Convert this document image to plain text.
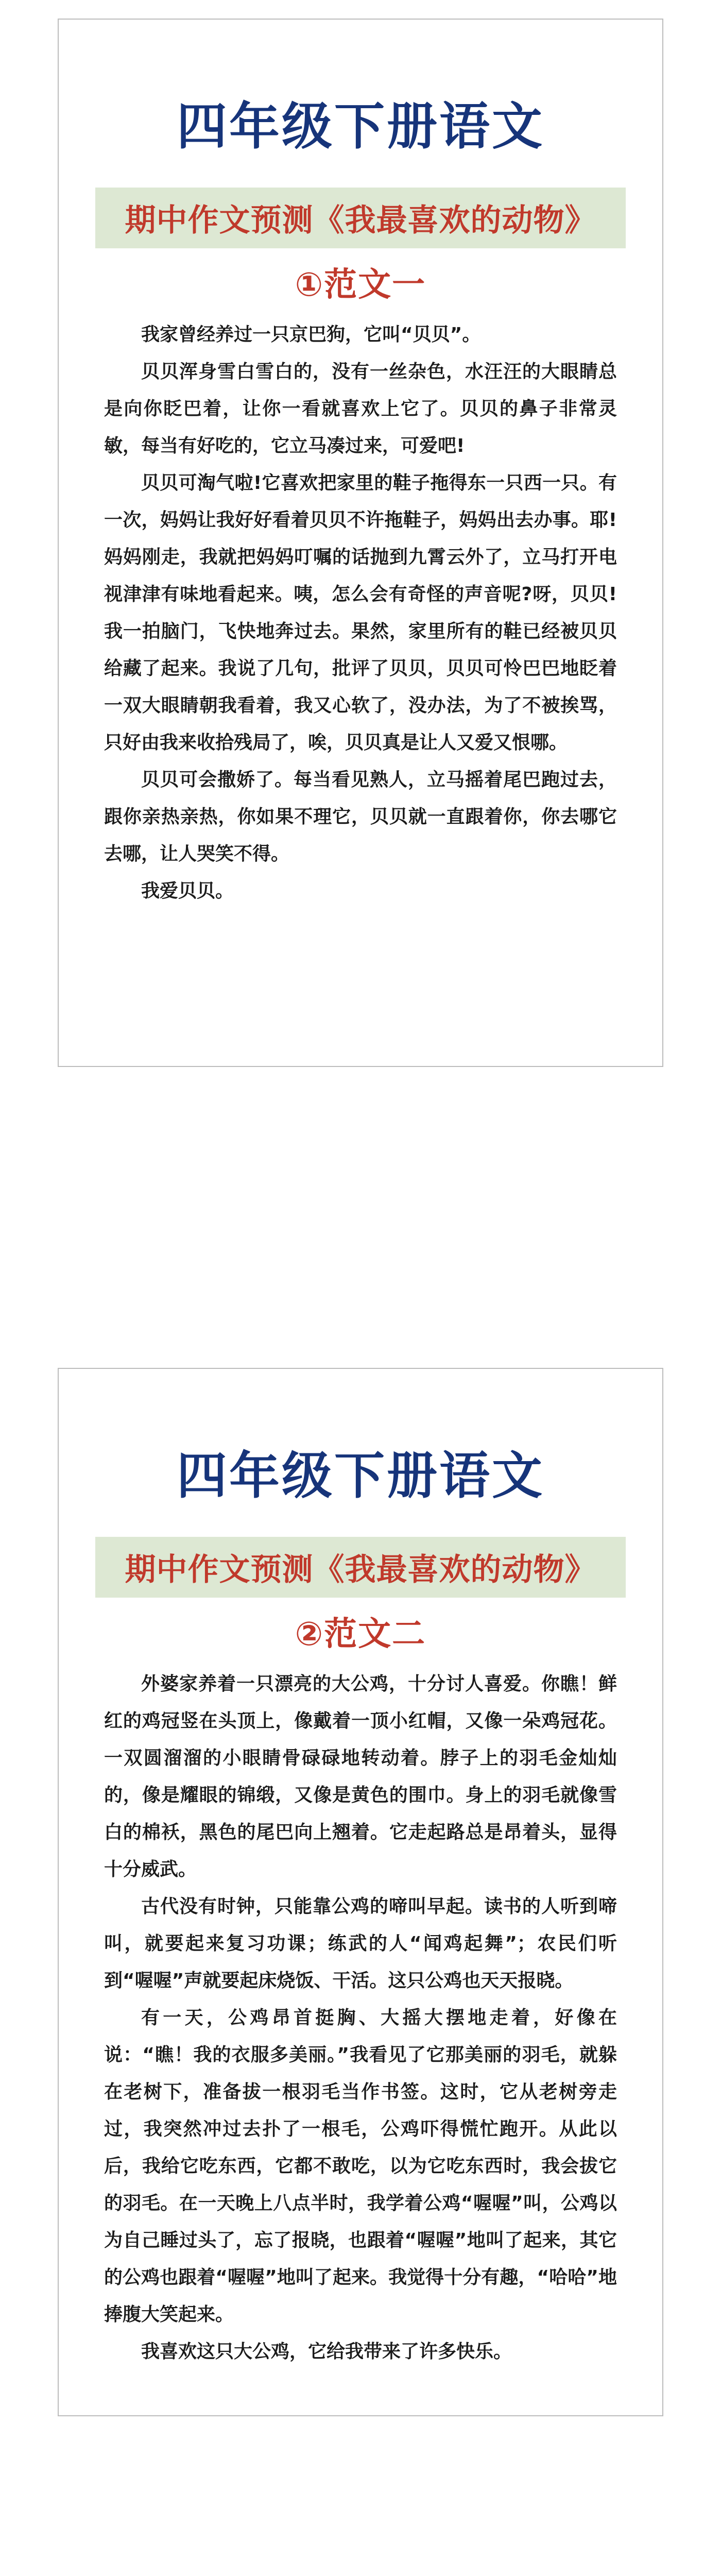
四年级下册语文
期中作文预测《我最喜欢的动物》
①范文一

我家曾经养过一只京巴狗，它叫“贝贝”。

贝贝浑身雪白雪白的，没有一丝杂色，水汪汪的大眼睛总是向你眨巴着，让你一看就喜欢上它了。贝贝的鼻子非常灵敏，每当有好吃的，它立马凑过来，可爱吧!

贝贝可淘气啦!它喜欢把家里的鞋子拖得东一只西一只。有一次，妈妈让我好好看着贝贝不许拖鞋子，妈妈出去办事。耶!妈妈刚走，我就把妈妈叮嘱的话抛到九霄云外了，立马打开电视津津有味地看起来。咦，怎么会有奇怪的声音呢?呀，贝贝!我一拍脑门，飞快地奔过去。果然，家里所有的鞋已经被贝贝给藏了起来。我说了几句，批评了贝贝，贝贝可怜巴巴地眨着一双大眼睛朝我看着，我又心软了，没办法，为了不被挨骂，只好由我来收拾残局了，唉，贝贝真是让人又爱又恨哪。

贝贝可会撒娇了。每当看见熟人，立马摇着尾巴跑过去，跟你亲热亲热，你如果不理它，贝贝就一直跟着你，你去哪它去哪，让人哭笑不得。

我爱贝贝。

四年级下册语文
期中作文预测《我最喜欢的动物》
②范文二

外婆家养着一只漂亮的大公鸡，十分讨人喜爱。你瞧！鲜红的鸡冠竖在头顶上，像戴着一顶小红帽，又像一朵鸡冠花。一双圆溜溜的小眼睛骨碌碌地转动着。脖子上的羽毛金灿灿的，像是耀眼的锦缎，又像是黄色的围巾。身上的羽毛就像雪白的棉袄，黑色的尾巴向上翘着。它走起路总是昂着头，显得十分威武。

古代没有时钟，只能靠公鸡的啼叫早起。读书的人听到啼叫，就要起来复习功课；练武的人“闻鸡起舞”；农民们听到“喔喔”声就要起床烧饭、干活。这只公鸡也天天报晓。

有一天，公鸡昂首挺胸、大摇大摆地走着，好像在说：“瞧！我的衣服多美丽。”我看见了它那美丽的羽毛，就躲在老树下，准备拔一根羽毛当作书签。这时，它从老树旁走过，我突然冲过去扑了一根毛，公鸡吓得慌忙跑开。从此以后，我给它吃东西，它都不敢吃，以为它吃东西时，我会拔它的羽毛。在一天晚上八点半时，我学着公鸡“喔喔”叫，公鸡以为自己睡过头了，忘了报晓，也跟着“喔喔”地叫了起来，其它的公鸡也跟着“喔喔”地叫了起来。我觉得十分有趣，“哈哈”地捧腹大笑起来。

我喜欢这只大公鸡，它给我带来了许多快乐。
